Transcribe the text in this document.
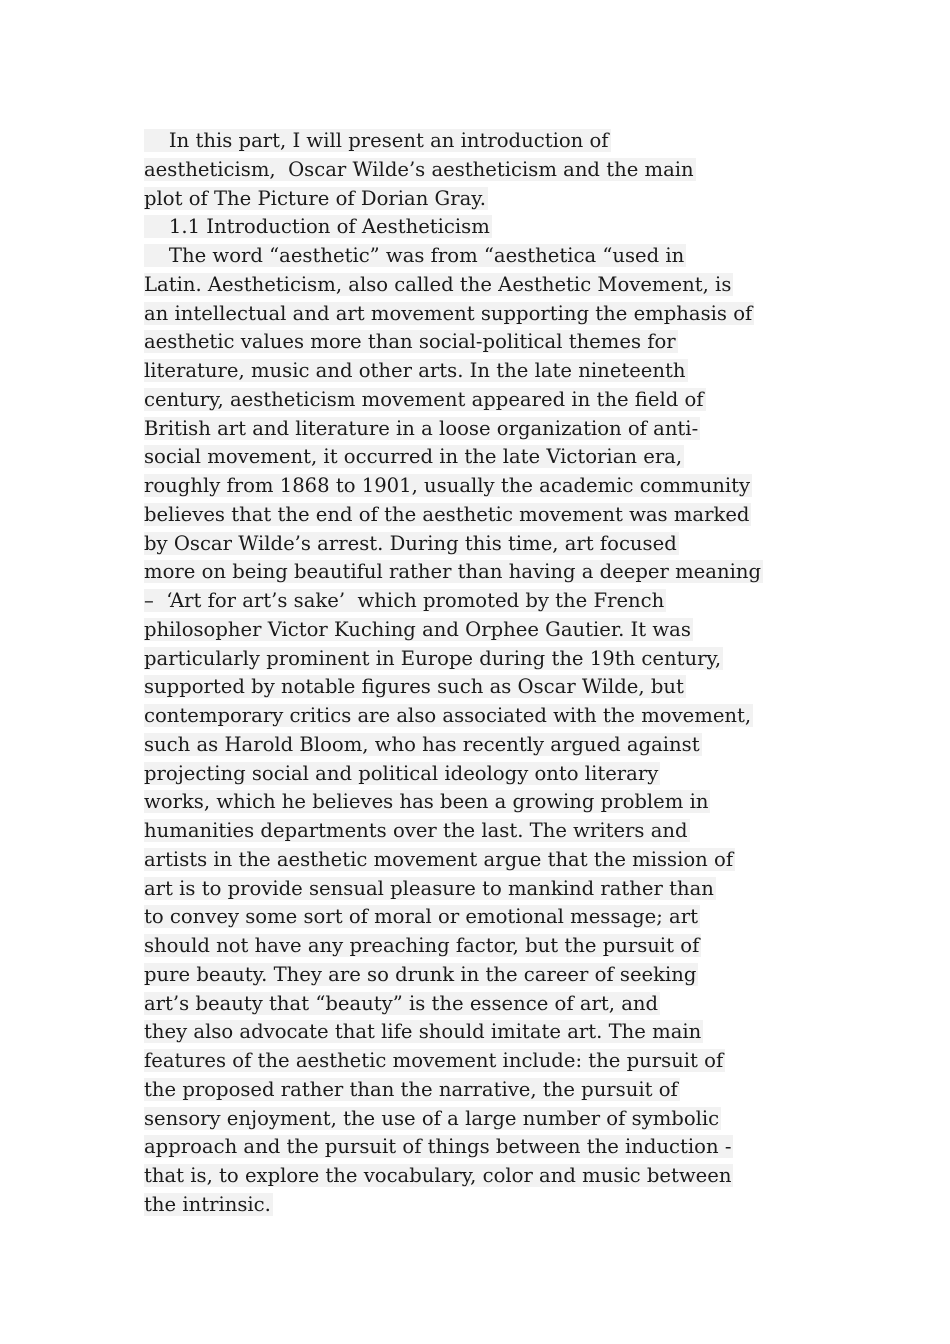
In this part, I will present an introduction of
aestheticism,  Oscar Wilde’s aestheticism and the main
plot of The Picture of Dorian Gray.
1.1 Introduction of Aestheticism
The word “aesthetic” was from “aesthetica “used in
Latin. Aestheticism, also called the Aesthetic Movement, is
an intellectual and art movement supporting the emphasis of
aesthetic values more than social-political themes for
literature, music and other arts. In the late nineteenth
century, aestheticism movement appeared in the field of
British art and literature in a loose organization of anti-
social movement, it occurred in the late Victorian era,
roughly from 1868 to 1901, usually the academic community
believes that the end of the aesthetic movement was marked
by Oscar Wilde’s arrest. During this time, art focused
more on being beautiful rather than having a deeper meaning
–  ‘Art for art’s sake’  which promoted by the French
philosopher Victor Kuching and Orphee Gautier. It was
particularly prominent in Europe during the 19th century,
supported by notable figures such as Oscar Wilde, but
contemporary critics are also associated with the movement,
such as Harold Bloom, who has recently argued against
projecting social and political ideology onto literary
works, which he believes has been a growing problem in
humanities departments over the last. The writers and
artists in the aesthetic movement argue that the mission of
art is to provide sensual pleasure to mankind rather than
to convey some sort of moral or emotional message; art
should not have any preaching factor, but the pursuit of
pure beauty. They are so drunk in the career of seeking
art’s beauty that “beauty” is the essence of art, and
they also advocate that life should imitate art. The main
features of the aesthetic movement include: the pursuit of
the proposed rather than the narrative, the pursuit of
sensory enjoyment, the use of a large number of symbolic
approach and the pursuit of things between the induction -
that is, to explore the vocabulary, color and music between
the intrinsic.
